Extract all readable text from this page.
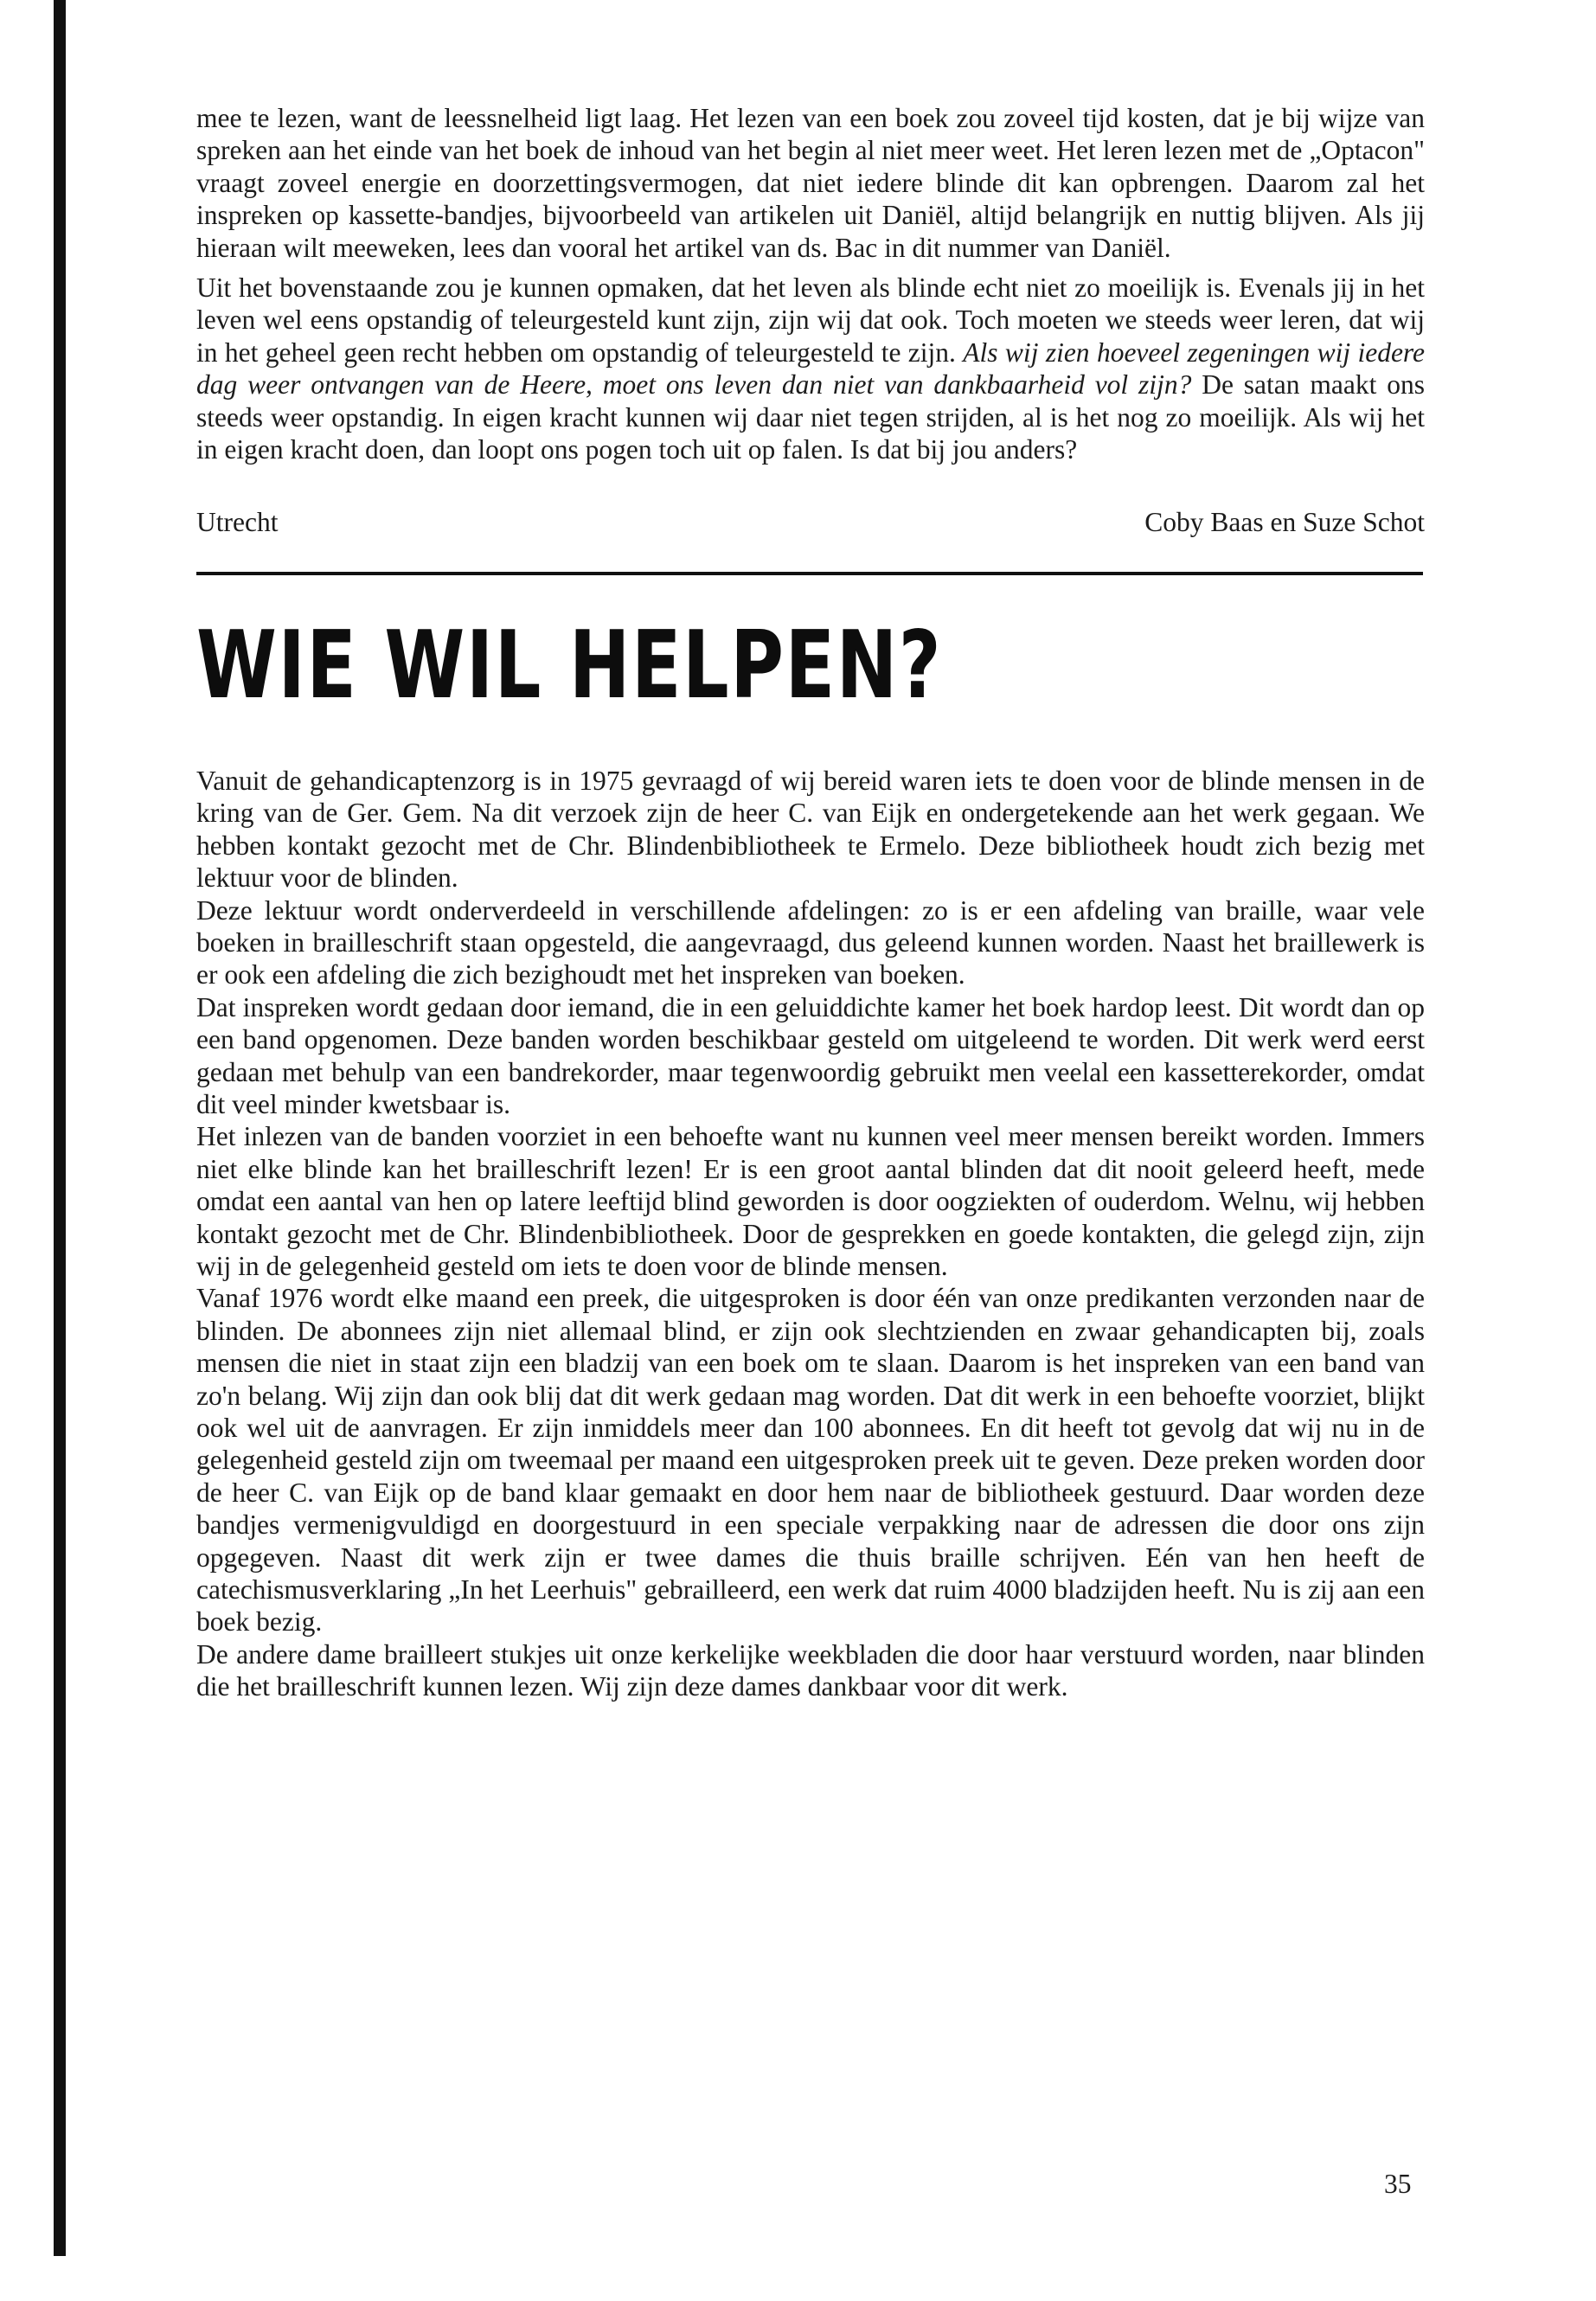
mee te lezen, want de leessnelheid ligt laag. Het lezen van een boek zou zoveel tijd kosten, dat je bij wijze van spreken aan het einde van het boek de inhoud van het begin al niet meer weet. Het leren lezen met de „Optacon" vraagt zoveel energie en doorzettingsvermogen, dat niet iedere blinde dit kan opbrengen. Daarom zal het inspreken op kassette-bandjes, bijvoorbeeld van artikelen uit Daniël, altijd belangrijk en nuttig blijven. Als jij hieraan wilt meeweken, lees dan vooral het artikel van ds. Bac in dit nummer van Daniël.

Uit het bovenstaande zou je kunnen opmaken, dat het leven als blinde echt niet zo moeilijk is. Evenals jij in het leven wel eens opstandig of teleurgesteld kunt zijn, zijn wij dat ook. Toch moeten we steeds weer leren, dat wij in het geheel geen recht hebben om opstandig of teleurgesteld te zijn. Als wij zien hoeveel zegeningen wij iedere dag weer ontvangen van de Heere, moet ons leven dan niet van dankbaarheid vol zijn? De satan maakt ons steeds weer opstandig. In eigen kracht kunnen wij daar niet tegen strijden, al is het nog zo moeilijk. Als wij het in eigen kracht doen, dan loopt ons pogen toch uit op falen. Is dat bij jou anders?

Utrecht	Coby Baas en Suze Schot
WIE WIL HELPEN?

Vanuit de gehandicaptenzorg is in 1975 gevraagd of wij bereid waren iets te doen voor de blinde mensen in de kring van de Ger. Gem. Na dit verzoek zijn de heer C. van Eijk en ondergetekende aan het werk gegaan. We hebben kontakt gezocht met de Chr. Blindenbibliotheek te Ermelo. Deze bibliotheek houdt zich bezig met lektuur voor de blinden.

Deze lektuur wordt onderverdeeld in verschillende afdelingen: zo is er een afdeling van braille, waar vele boeken in brailleschrift staan opgesteld, die aangevraagd, dus geleend kunnen worden. Naast het braillewerk is er ook een afdeling die zich bezighoudt met het inspreken van boeken.

Dat inspreken wordt gedaan door iemand, die in een geluiddichte kamer het boek hardop leest. Dit wordt dan op een band opgenomen. Deze banden worden beschikbaar gesteld om uitgeleend te worden. Dit werk werd eerst gedaan met behulp van een bandrekorder, maar tegenwoordig gebruikt men veelal een kassetterekorder, omdat dit veel minder kwetsbaar is.

Het inlezen van de banden voorziet in een behoefte want nu kunnen veel meer mensen bereikt worden. Immers niet elke blinde kan het brailleschrift lezen! Er is een groot aantal blinden dat dit nooit geleerd heeft, mede omdat een aantal van hen op latere leeftijd blind geworden is door oogziekten of ouderdom. Welnu, wij hebben kontakt gezocht met de Chr. Blindenbibliotheek. Door de gesprekken en goede kontakten, die gelegd zijn, zijn wij in de gelegenheid gesteld om iets te doen voor de blinde mensen.

Vanaf 1976 wordt elke maand een preek, die uitgesproken is door één van onze predikanten verzonden naar de blinden. De abonnees zijn niet allemaal blind, er zijn ook slechtzienden en zwaar gehandicapten bij, zoals mensen die niet in staat zijn een bladzij van een boek om te slaan. Daarom is het inspreken van een band van zo'n belang. Wij zijn dan ook blij dat dit werk gedaan mag worden. Dat dit werk in een behoefte voorziet, blijkt ook wel uit de aanvragen. Er zijn inmiddels meer dan 100 abonnees. En dit heeft tot gevolg dat wij nu in de gelegenheid gesteld zijn om tweemaal per maand een uitgesproken preek uit te geven. Deze preken worden door de heer C. van Eijk op de band klaar gemaakt en door hem naar de bibliotheek gestuurd. Daar worden deze bandjes vermenigvuldigd en doorgestuurd in een speciale verpakking naar de adressen die door ons zijn opgegeven. Naast dit werk zijn er twee dames die thuis braille schrijven. Eén van hen heeft de catechismusverklaring „In het Leerhuis" gebrailleerd, een werk dat ruim 4000 bladzijden heeft. Nu is zij aan een boek bezig.

De andere dame brailleert stukjes uit onze kerkelijke weekbladen die door haar verstuurd worden, naar blinden die het brailleschrift kunnen lezen. Wij zijn deze dames dankbaar voor dit werk.

35
